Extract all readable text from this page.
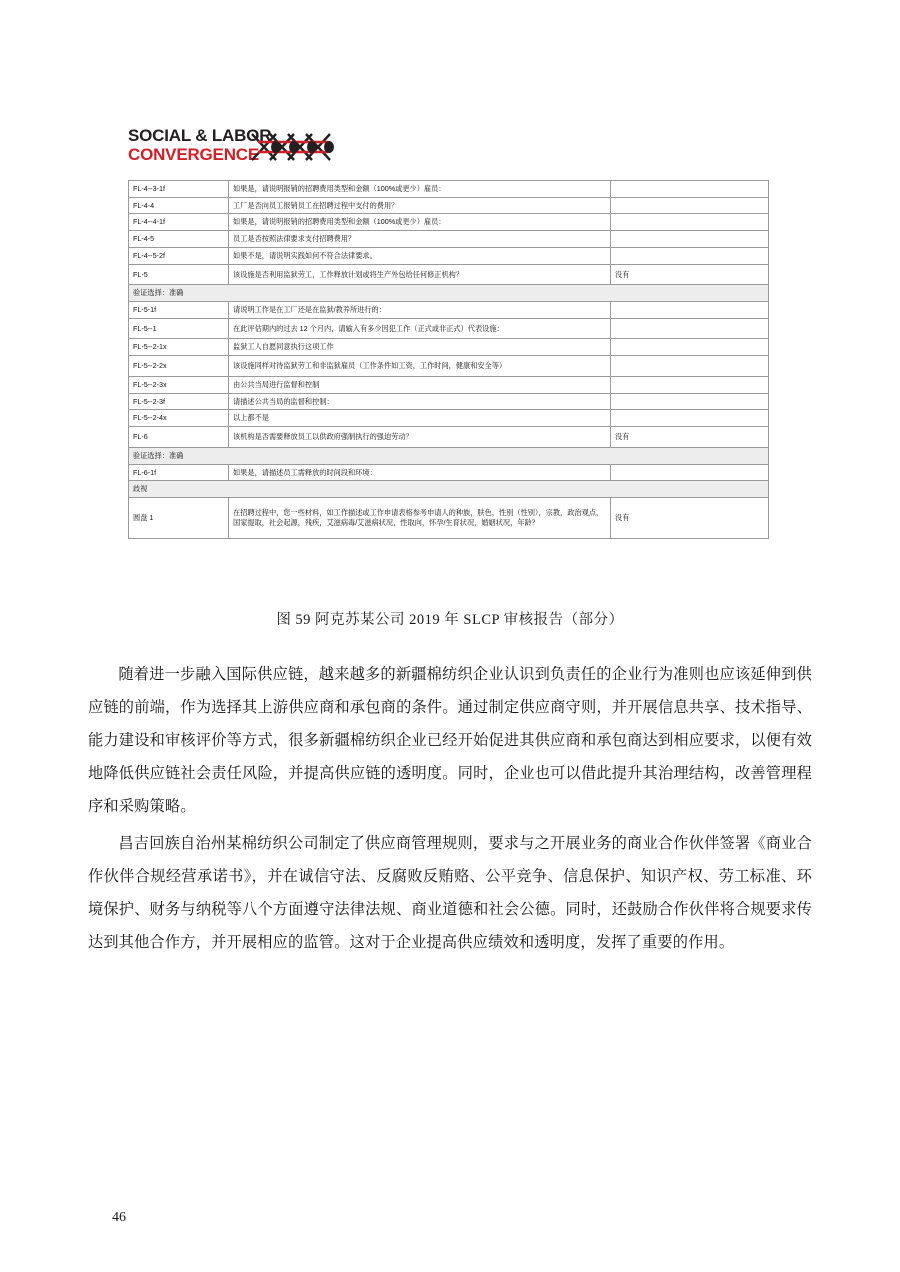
SOCIAL & LABOR
CONVERGENCE
FL-4--3-1f	如果是，请说明报销的招聘费用类型和金额（100%或更少）雇员：	
FL-4-4	工厂是否向员工报销员工在招聘过程中支付的费用？	
FL-4--4-1f	如果是，请说明报销的招聘费用类型和金额（100%或更少）雇员：	
FL-4-5	员工是否按照法律要求支付招聘费用？	
FL-4--5-2f	如果不是，请说明实践如何不符合法律要求。	
FL-5	该设施是否利用监狱劳工，工作释放计划或将生产外包给任何修正机构？	没有
验证选择：准确		
FL-5-1f	请说明工作是在工厂还是在监狱/教养所进行的：	
FL-5--1	在此评估期内的过去 12 个月内，请输入有多少因犯工作（正式或非正式）代表设施：	
FL-5--2-1x	监狱工人自愿同意执行这项工作	
FL-5--2-2x	该设施同样对待监狱劳工和非监狱雇员（工作条件如工资，工作时间，健康和安全等）	
FL-5--2-3x	由公共当局进行监督和控制	
FL-5--2-3f	请描述公共当局的监督和控制：	
FL-5--2-4x	以上都不是	
FL-6	该机构是否需要释放员工以供政府强制执行的强迫劳动？	没有
验证选择：准确		
FL-6-1f	如果是，请描述员工需释放的时间段和环境：	
歧视		
圆盘 1	在招聘过程中，您一些材料，如工作描述或工作申请表格参考申请人的种族，肤色，性别（性别），宗教，政治观点，国家提取，社会起源，残疾，艾滋病毒/艾滋病状况，性取向，怀孕/生育状况，婚姻状况，年龄？	没有
图 59 阿克苏某公司 2019 年 SLCP 审核报告（部分）

随着进一步融入国际供应链，越来越多的新疆棉纺织企业认识到负责任的企业行为准则也应该延伸到供应链的前端，作为选择其上游供应商和承包商的条件。通过制定供应商守则，并开展信息共享、技术指导、能力建设和审核评价等方式，很多新疆棉纺织企业已经开始促进其供应商和承包商达到相应要求，以便有效地降低供应链社会责任风险，并提高供应链的透明度。同时，企业也可以借此提升其治理结构，改善管理程序和采购策略。

昌吉回族自治州某棉纺织公司制定了供应商管理规则，要求与之开展业务的商业合作伙伴签署《商业合作伙伴合规经营承诺书》，并在诚信守法、反腐败反贿赂、公平竞争、信息保护、知识产权、劳工标准、环境保护、财务与纳税等八个方面遵守法律法规、商业道德和社会公德。同时，还鼓励合作伙伴将合规要求传达到其他合作方，并开展相应的监管。这对于企业提高供应绩效和透明度，发挥了重要的作用。

46
